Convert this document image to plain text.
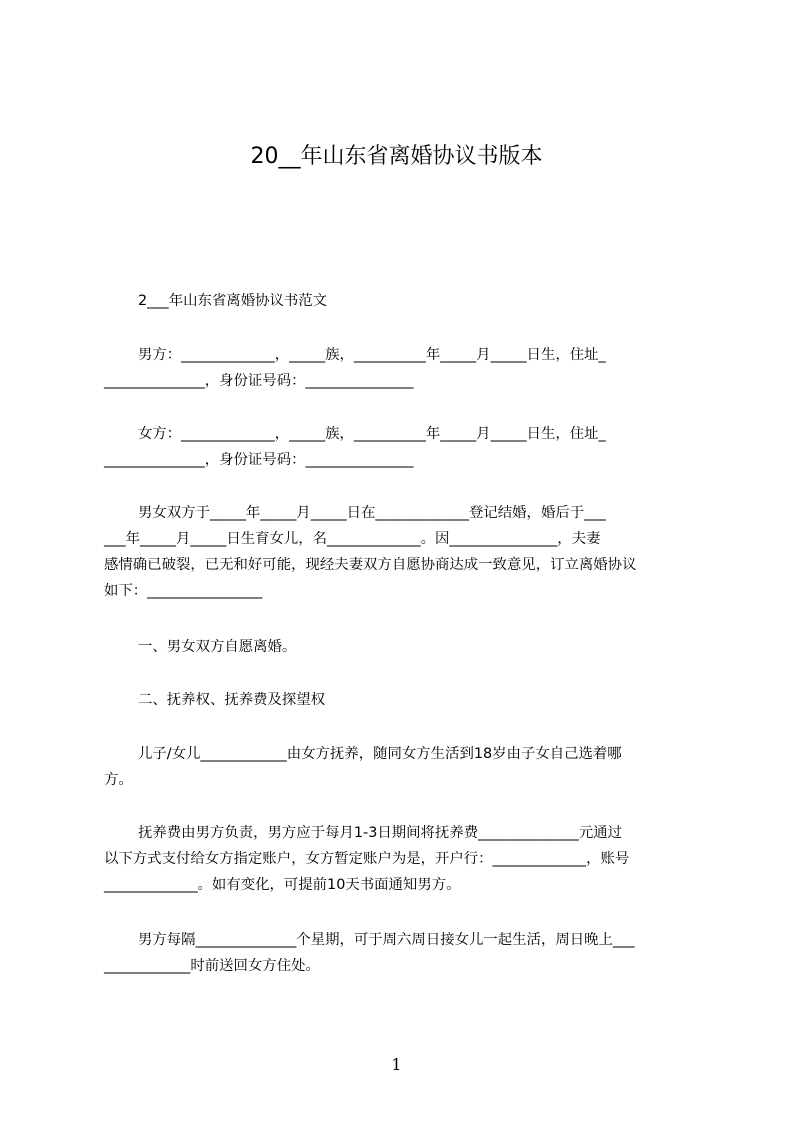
20__年山东省离婚协议书版本
2___年山东省离婚协议书范文
男方：_____________，_____族，__________年_____月_____日生，住址_
______________，身份证号码：_______________
女方：_____________，_____族，__________年_____月_____日生，住址_
______________，身份证号码：_______________
男女双方于_____年_____月_____日在_____________登记结婚，婚后于___
___年_____月_____日生育女儿，名_____________。因_______________，夫妻
感情确已破裂，已无和好可能，现经夫妻双方自愿协商达成一致意见，订立离婚协议
如下：________________
一、男女双方自愿离婚。
二、抚养权、抚养费及探望权
儿子/女儿____________由女方抚养，随同女方生活到18岁由子女自己选着哪
方。
抚养费由男方负责，男方应于每月1-3日期间将抚养费______________元通过
以下方式支付给女方指定账户，女方暂定账户为是，开户行：_____________，账号
_____________。如有变化，可提前10天书面通知男方。
男方每隔______________个星期，可于周六周日接女儿一起生活，周日晚上___
____________时前送回女方住处。
1
